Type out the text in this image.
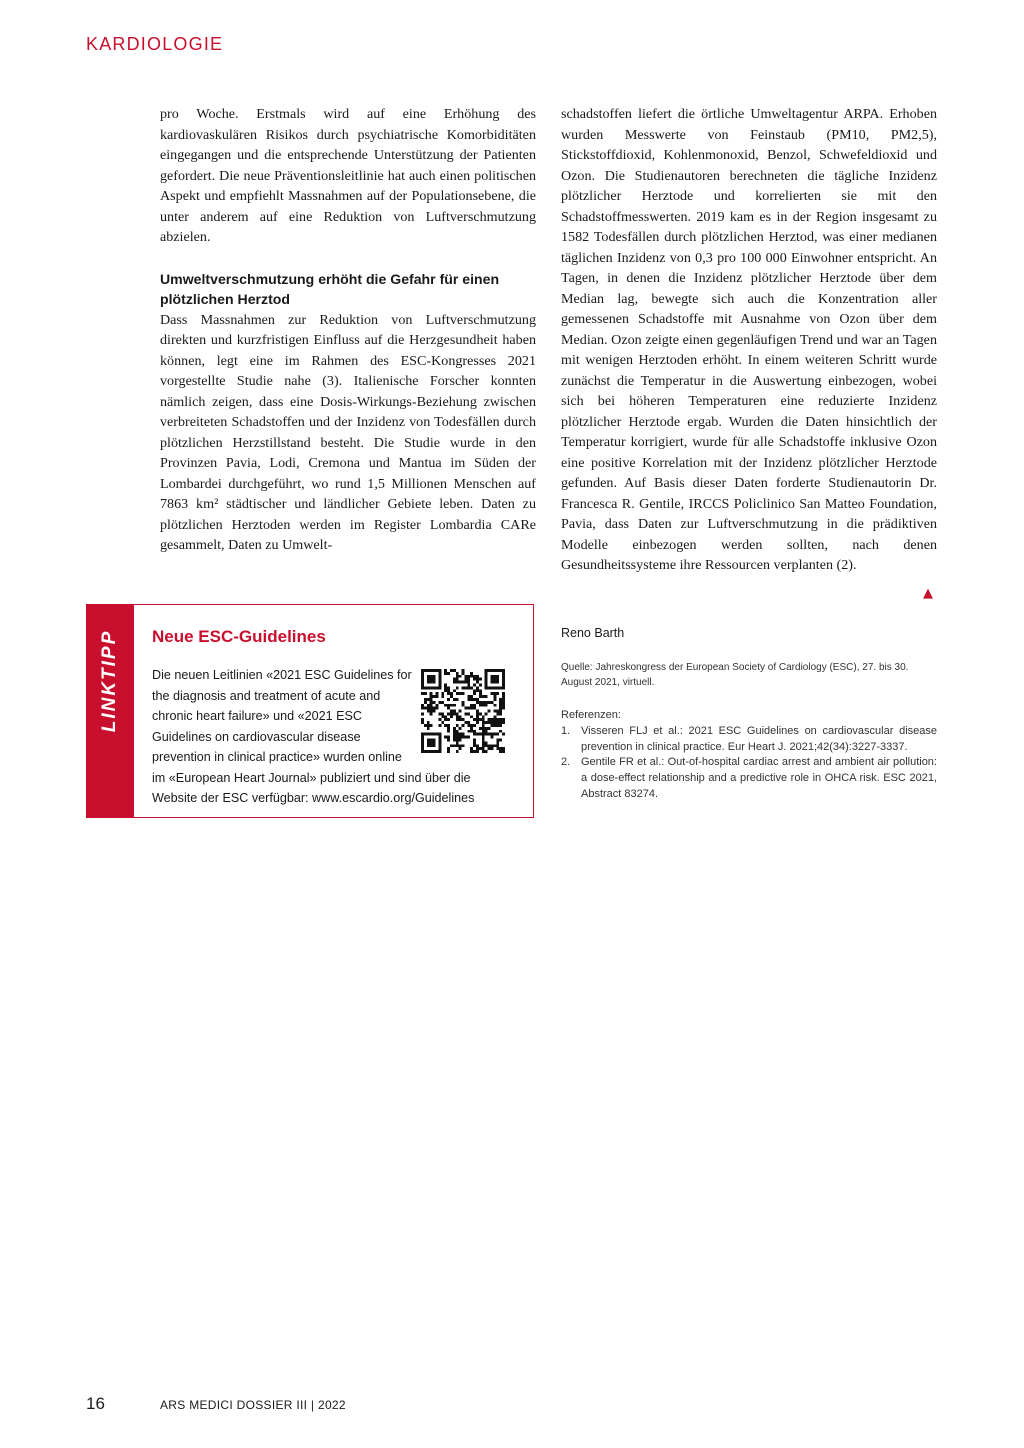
KARDIOLOGIE

pro Woche. Erstmals wird auf eine Erhöhung des kardiovaskulären Risikos durch psychiatrische Komorbiditäten eingegangen und die entsprechende Unterstützung der Patienten gefordert. Die neue Präventionsleitlinie hat auch einen politischen Aspekt und empfiehlt Massnahmen auf der Populationsebene, die unter anderem auf eine Reduktion von Luftverschmutzung abzielen.

Umweltverschmutzung erhöht die Gefahr für einen plötzlichen Herztod

Dass Massnahmen zur Reduktion von Luftverschmutzung direkten und kurzfristigen Einfluss auf die Herzgesundheit haben können, legt eine im Rahmen des ESC-Kongresses 2021 vorgestellte Studie nahe (3). Italienische Forscher konnten nämlich zeigen, dass eine Dosis-Wirkungs-Beziehung zwischen verbreiteten Schadstoffen und der Inzidenz von Todesfällen durch plötzlichen Herzstillstand besteht. Die Studie wurde in den Provinzen Pavia, Lodi, Cremona und Mantua im Süden der Lombardei durchgeführt, wo rund 1,5 Millionen Menschen auf 7863 km² städtischer und ländlicher Gebiete leben. Daten zu plötzlichen Herztoden werden im Register Lombardia CARe gesammelt, Daten zu Umwelt-

schadstoffen liefert die örtliche Umweltagentur ARPA. Erhoben wurden Messwerte von Feinstaub (PM10, PM2,5), Stickstoffdioxid, Kohlenmonoxid, Benzol, Schwefeldioxid und Ozon. Die Studienautoren berechneten die tägliche Inzidenz plötzlicher Herztode und korrelierten sie mit den Schadstoffmesswerten. 2019 kam es in der Region insgesamt zu 1582 Todesfällen durch plötzlichen Herztod, was einer medianen täglichen Inzidenz von 0,3 pro 100 000 Einwohner entspricht. An Tagen, in denen die Inzidenz plötzlicher Herztode über dem Median lag, bewegte sich auch die Konzentration aller gemessenen Schadstoffe mit Ausnahme von Ozon über dem Median. Ozon zeigte einen gegenläufigen Trend und war an Tagen mit wenigen Herztoden erhöht. In einem weiteren Schritt wurde zunächst die Temperatur in die Auswertung einbezogen, wobei sich bei höheren Temperaturen eine reduzierte Inzidenz plötzlicher Herztode ergab. Wurden die Daten hinsichtlich der Temperatur korrigiert, wurde für alle Schadstoffe inklusive Ozon eine positive Korrelation mit der Inzidenz plötzlicher Herztode gefunden. Auf Basis dieser Daten forderte Studienautorin Dr. Francesca R. Gentile, IRCCS Policlinico San Matteo Foundation, Pavia, dass Daten zur Luftverschmutzung in die prädiktiven Modelle einbezogen werden sollten, nach denen Gesundheitssysteme ihre Ressourcen verplanten (2).

▲
LINKTIPP Neue ESC-Guidelines
Die neuen Leitlinien «2021 ESC Guidelines for the diagnosis and treatment of acute and chronic heart failure» und «2021 ESC Guidelines on cardiovascular disease prevention in clinical practice» wurden online im «European Heart Journal» publiziert und sind über die Website der ESC verfügbar: www.escardio.org/Guidelines
Reno Barth
Quelle: Jahreskongress der European Society of Cardiology (ESC), 27. bis 30. August 2021, virtuell.

Referenzen:

1. Visseren FLJ et al.: 2021 ESC Guidelines on cardiovascular disease prevention in clinical practice. Eur Heart J. 2021;42(34):3227-3337.

2. Gentile FR et al.: Out-of-hospital cardiac arrest and ambient air pollution: a dose-effect relationship and a predictive role in OHCA risk. ESC 2021, Abstract 83274.

16	ARS MEDICI DOSSIER III | 2022
